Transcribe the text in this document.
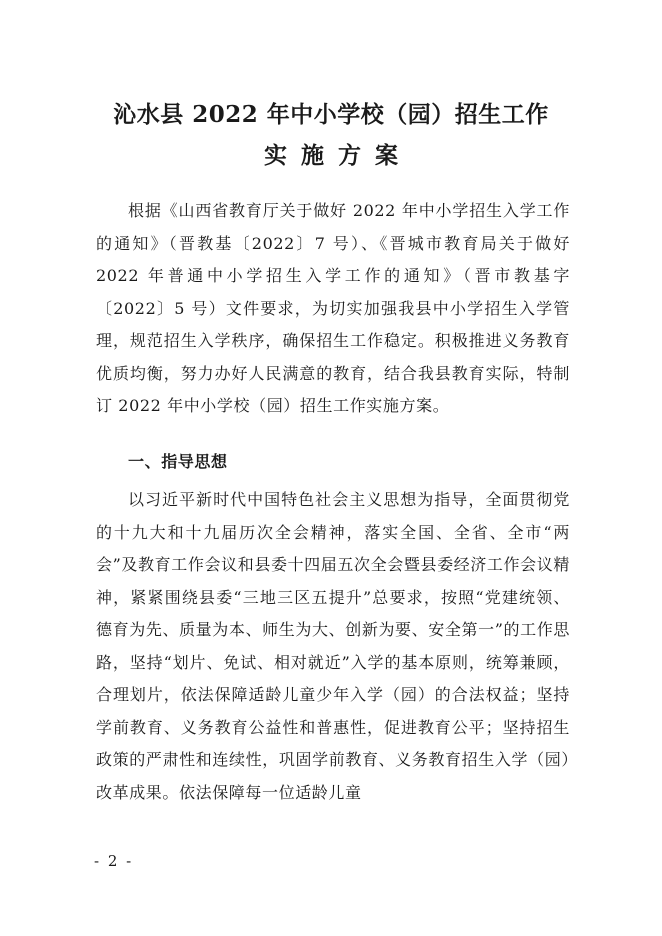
沁水县 2022 年中小学校（园）招生工作
实施方案

根据《山西省教育厅关于做好 2022 年中小学招生入学工作的通知》（晋教基〔2022〕7 号）、《晋城市教育局关于做好 2022 年普通中小学招生入学工作的通知》（晋市教基字〔2022〕5 号）文件要求，为切实加强我县中小学招生入学管理，规范招生入学秩序，确保招生工作稳定。积极推进义务教育优质均衡，努力办好人民满意的教育，结合我县教育实际，特制订 2022 年中小学校（园）招生工作实施方案。

一、指导思想

以习近平新时代中国特色社会主义思想为指导，全面贯彻党的十九大和十九届历次全会精神，落实全国、全省、全市“两会”及教育工作会议和县委十四届五次全会暨县委经济工作会议精神，紧紧围绕县委“三地三区五提升”总要求，按照“党建统领、德育为先、质量为本、师生为大、创新为要、安全第一”的工作思路，坚持“划片、免试、相对就近”入学的基本原则，统筹兼顾，合理划片，依法保障适龄儿童少年入学（园）的合法权益；坚持学前教育、义务教育公益性和普惠性，促进教育公平；坚持招生政策的严肃性和连续性，巩固学前教育、义务教育招生入学（园）改革成果。依法保障每一位适龄儿童

- 2 -
